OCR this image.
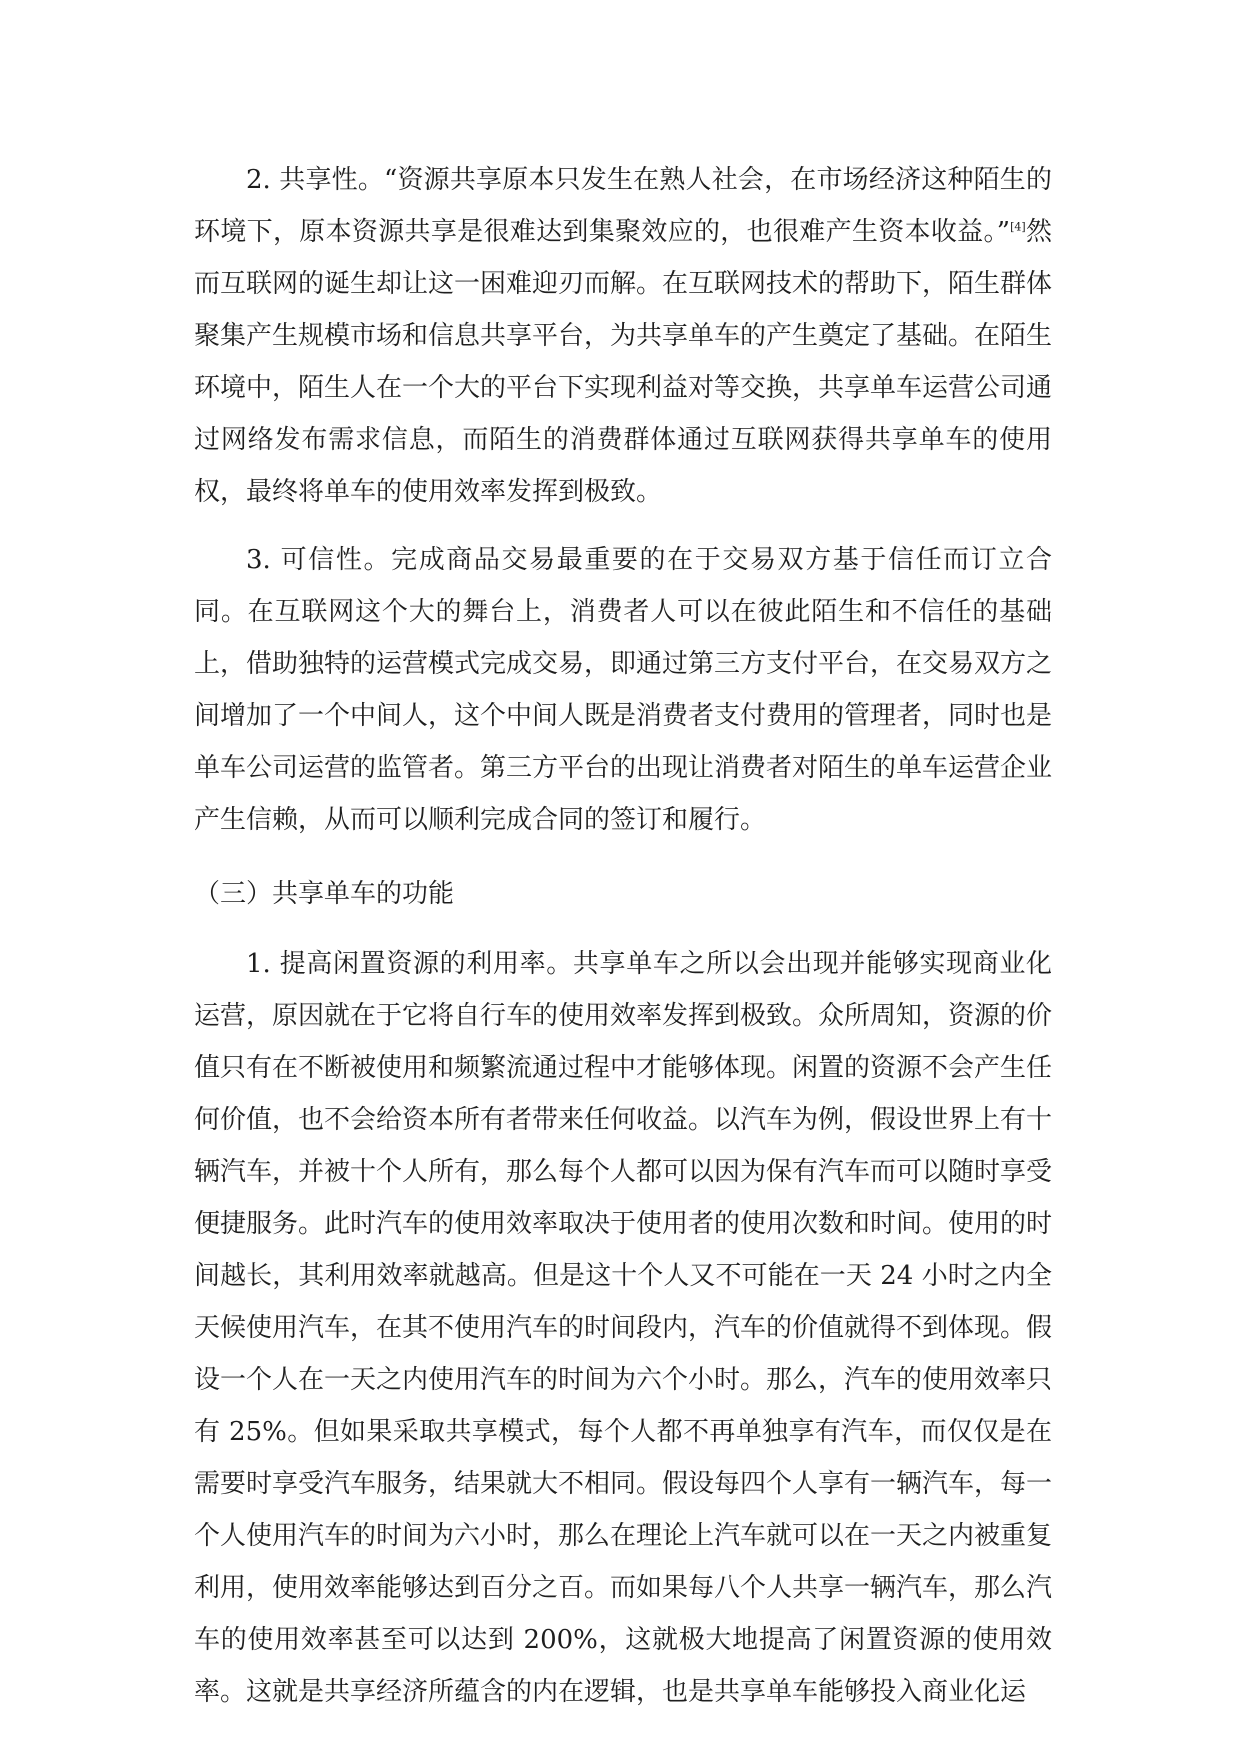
2. 共享性。“资源共享原本只发生在熟人社会，在市场经济这种陌生的环境下，原本资源共享是很难达到集聚效应的，也很难产生资本收益。”[4]然而互联网的诞生却让这一困难迎刃而解。在互联网技术的帮助下，陌生群体聚集产生规模市场和信息共享平台，为共享单车的产生奠定了基础。在陌生环境中，陌生人在一个大的平台下实现利益对等交换，共享单车运营公司通过网络发布需求信息，而陌生的消费群体通过互联网获得共享单车的使用权，最终将单车的使用效率发挥到极致。

3. 可信性。完成商品交易最重要的在于交易双方基于信任而订立合同。在互联网这个大的舞台上，消费者人可以在彼此陌生和不信任的基础上，借助独特的运营模式完成交易，即通过第三方支付平台，在交易双方之间增加了一个中间人，这个中间人既是消费者支付费用的管理者，同时也是单车公司运营的监管者。第三方平台的出现让消费者对陌生的单车运营企业产生信赖，从而可以顺利完成合同的签订和履行。

（三）共享单车的功能

1. 提高闲置资源的利用率。共享单车之所以会出现并能够实现商业化运营，原因就在于它将自行车的使用效率发挥到极致。众所周知，资源的价值只有在不断被使用和频繁流通过程中才能够体现。闲置的资源不会产生任何价值，也不会给资本所有者带来任何收益。以汽车为例，假设世界上有十辆汽车，并被十个人所有，那么每个人都可以因为保有汽车而可以随时享受便捷服务。此时汽车的使用效率取决于使用者的使用次数和时间。使用的时间越长，其利用效率就越高。但是这十个人又不可能在一天 24 小时之内全天候使用汽车，在其不使用汽车的时间段内，汽车的价值就得不到体现。假设一个人在一天之内使用汽车的时间为六个小时。那么，汽车的使用效率只有 25%。但如果采取共享模式，每个人都不再单独享有汽车，而仅仅是在需要时享受汽车服务，结果就大不相同。假设每四个人享有一辆汽车，每一个人使用汽车的时间为六小时，那么在理论上汽车就可以在一天之内被重复利用，使用效率能够达到百分之百。而如果每八个人共享一辆汽车，那么汽车的使用效率甚至可以达到 200%，这就极大地提高了闲置资源的使用效率。这就是共享经济所蕴含的内在逻辑，也是共享单车能够投入商业化运
